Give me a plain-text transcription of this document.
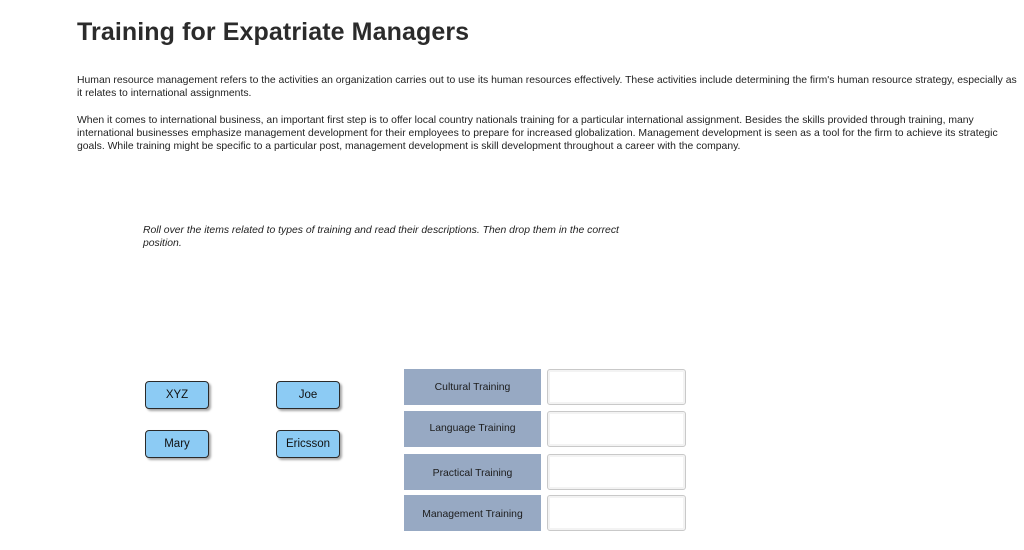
Training for Expatriate Managers

Human resource management refers to the activities an organization carries out to use its human resources effectively. These activities include determining the firm's human resource strategy, especially as it relates to international assignments.

When it comes to international business, an important first step is to offer local country nationals training for a particular international assignment. Besides the skills provided through training, many international businesses emphasize management development for their employees to prepare for increased globalization. Management development is seen as a tool for the firm to achieve its strategic goals. While training might be specific to a particular post, management development is skill development throughout a career with the company.

Roll over the items related to types of training and read their descriptions. Then drop them in the correct position.

XYZ	Joe
Mary	Ericsson
Cultural Training
Language Training
Practical Training
Management Training
